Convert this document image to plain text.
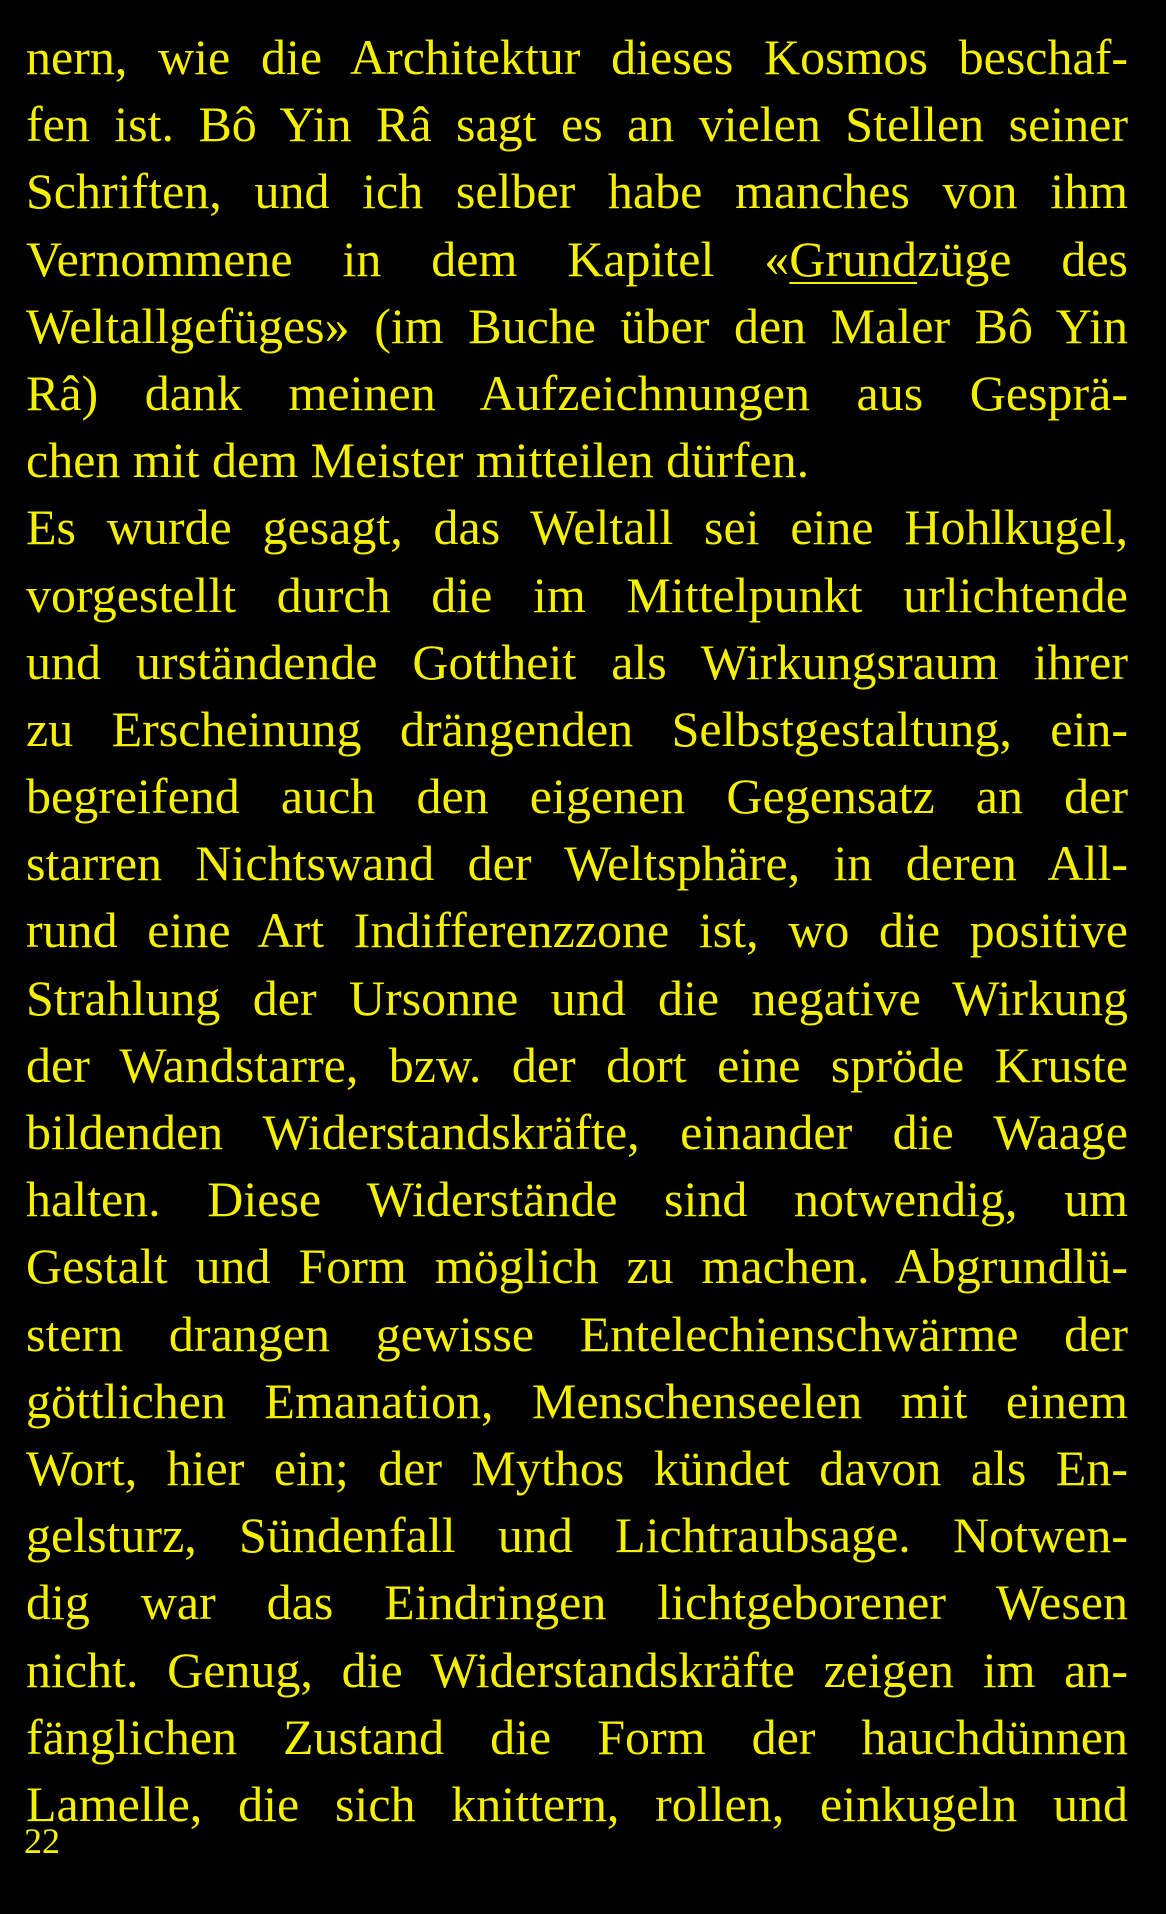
nern, wie die Architektur dieses Kosmos beschaf-
fen ist. Bô Yin Râ sagt es an vielen Stellen seiner
Schriften, und ich selber habe manches von ihm
Vernommene in dem Kapitel «Grundzüge des
Weltallgefüges» (im Buche über den Maler Bô Yin
Râ) dank meinen Aufzeichnungen aus Gesprä-
chen mit dem Meister mitteilen dürfen.
Es wurde gesagt, das Weltall sei eine Hohlkugel,
vorgestellt durch die im Mittelpunkt urlichtende
und urständende Gottheit als Wirkungsraum ihrer
zu Erscheinung drängenden Selbstgestaltung, ein-
begreifend auch den eigenen Gegensatz an der
starren Nichtswand der Weltsphäre, in deren All-
rund eine Art Indifferenzzone ist, wo die positive
Strahlung der Ursonne und die negative Wirkung
der Wandstarre, bzw. der dort eine spröde Kruste
bildenden Widerstandskräfte, einander die Waage
halten. Diese Widerstände sind notwendig, um
Gestalt und Form möglich zu machen. Abgrundlü-
stern drangen gewisse Entelechienschwärme der
göttlichen Emanation, Menschenseelen mit einem
Wort, hier ein; der Mythos kündet davon als En-
gelsturz, Sündenfall und Lichtraubsage. Notwen-
dig war das Eindringen lichtgeborener Wesen
nicht. Genug, die Widerstandskräfte zeigen im an-
fänglichen Zustand die Form der hauchdünnen
Lamelle, die sich knittern, rollen, einkugeln und
22
